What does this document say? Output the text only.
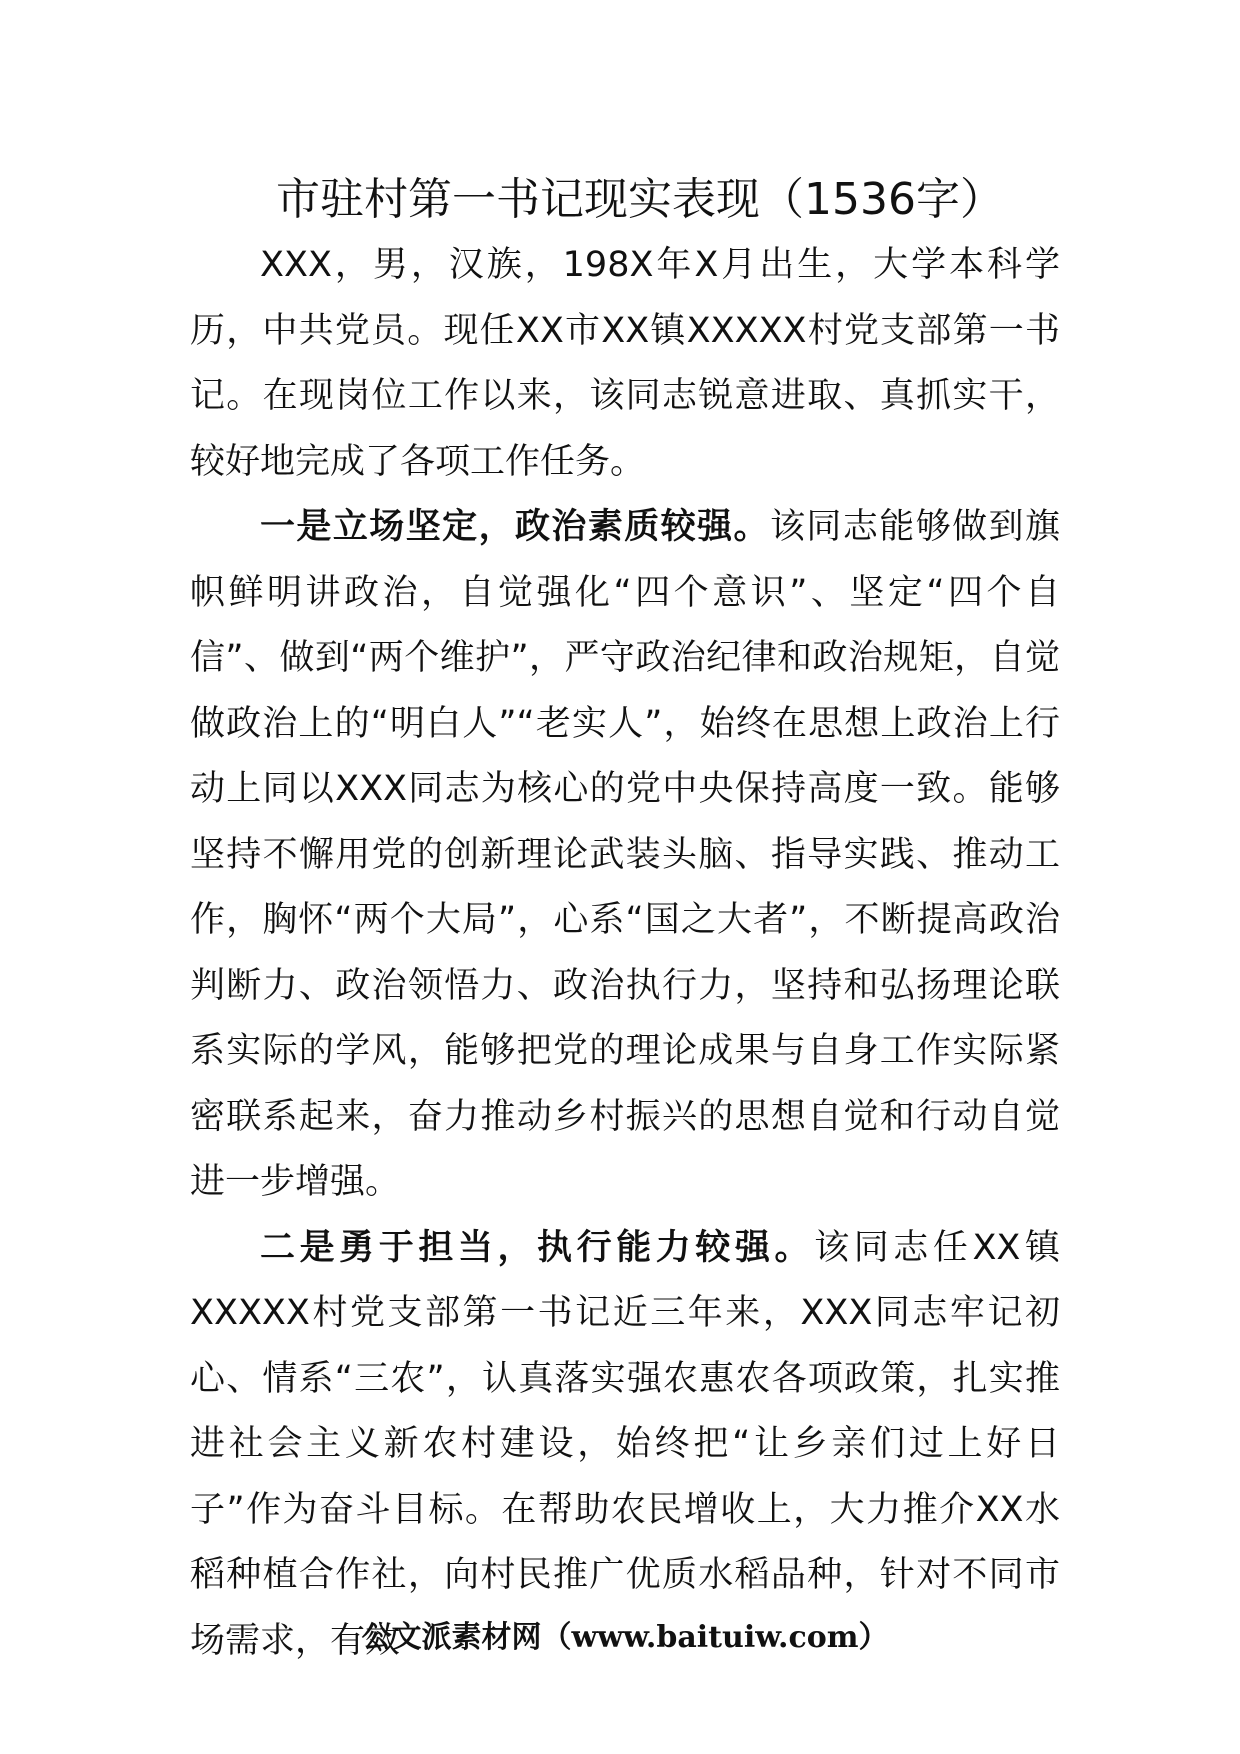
市驻村第一书记现实表现（1536字）

XXX，男，汉族，198X年X月出生，大学本科学历，中共党员。现任XX市XX镇XXXXX村党支部第一书记。在现岗位工作以来，该同志锐意进取、真抓实干，较好地完成了各项工作任务。

一是立场坚定，政治素质较强。该同志能够做到旗帜鲜明讲政治，自觉强化“四个意识”、坚定“四个自信”、做到“两个维护”，严守政治纪律和政治规矩，自觉做政治上的“明白人”“老实人”，始终在思想上政治上行动上同以XXX同志为核心的党中央保持高度一致。能够坚持不懈用党的创新理论武装头脑、指导实践、推动工作，胸怀“两个大局”，心系“国之大者”，不断提高政治判断力、政治领悟力、政治执行力，坚持和弘扬理论联系实际的学风，能够把党的理论成果与自身工作实际紧密联系起来，奋力推动乡村振兴的思想自觉和行动自觉进一步增强。

二是勇于担当，执行能力较强。该同志任XX镇XXXXX村党支部第一书记近三年来，XXX同志牢记初心、情系“三农”，认真落实强农惠农各项政策，扎实推进社会主义新农村建设，始终把“让乡亲们过上好日子”作为奋斗目标。在帮助农民增收上，大力推介XX水稻种植合作社，向村民推广优质水稻品种，针对不同市场需求，有效

公文派素材网（www.baituiw.com）
